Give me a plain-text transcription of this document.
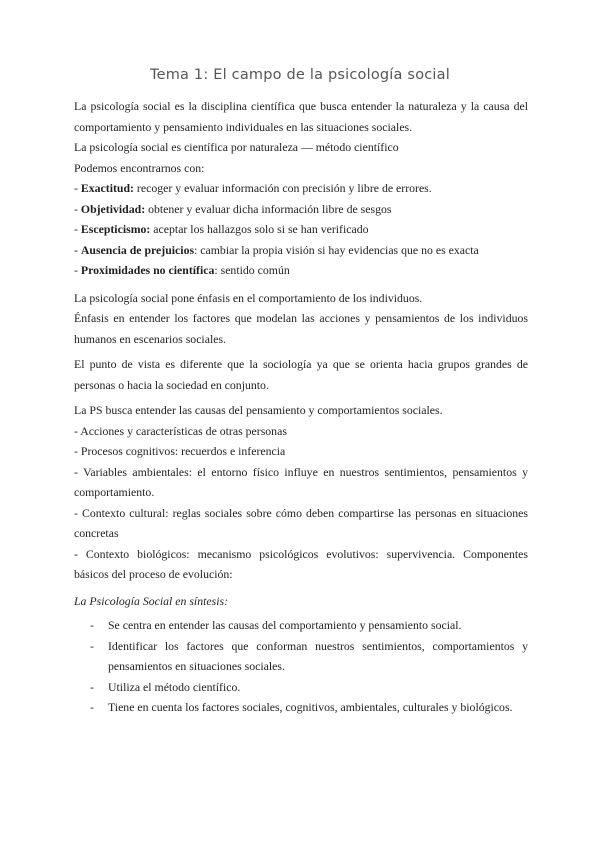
Tema 1: El campo de la psicología social

La psicología social es la disciplina científica que busca entender la naturaleza y la causa del comportamiento y pensamiento individuales en las situaciones sociales.

La psicología social es científica por naturaleza — método científico

Podemos encontrarnos con:

- Exactitud: recoger y evaluar información con precisión y libre de errores.

- Objetividad: obtener y evaluar dicha información libre de sesgos

- Escepticismo: aceptar los hallazgos solo si se han verificado

- Ausencia de prejuicios: cambiar la propia visión si hay evidencias que no es exacta

- Proximidades no científica: sentido común

La psicología social pone énfasis en el comportamiento de los individuos.

Énfasis en entender los factores que modelan las acciones y pensamientos de los individuos humanos en escenarios sociales.

El punto de vista es diferente que la sociología ya que se orienta hacia grupos grandes de personas o hacia la sociedad en conjunto.

La PS busca entender las causas del pensamiento y comportamientos sociales.

- Acciones y características de otras personas

- Procesos cognitivos: recuerdos e inferencia

- Variables ambientales: el entorno físico influye en nuestros sentimientos, pensamientos y comportamiento.

- Contexto cultural: reglas sociales sobre cómo deben compartirse las personas en situaciones concretas

- Contexto biológicos: mecanismo psicológicos evolutivos: supervivencia. Componentes básicos del proceso de evolución:

La Psicología Social en síntesis:

- Se centra en entender las causas del comportamiento y pensamiento social.
- Identificar los factores que conforman nuestros sentimientos, comportamientos y pensamientos en situaciones sociales.
- Utiliza el método científico.
- Tiene en cuenta los factores sociales, cognitivos, ambientales, culturales y biológicos.
